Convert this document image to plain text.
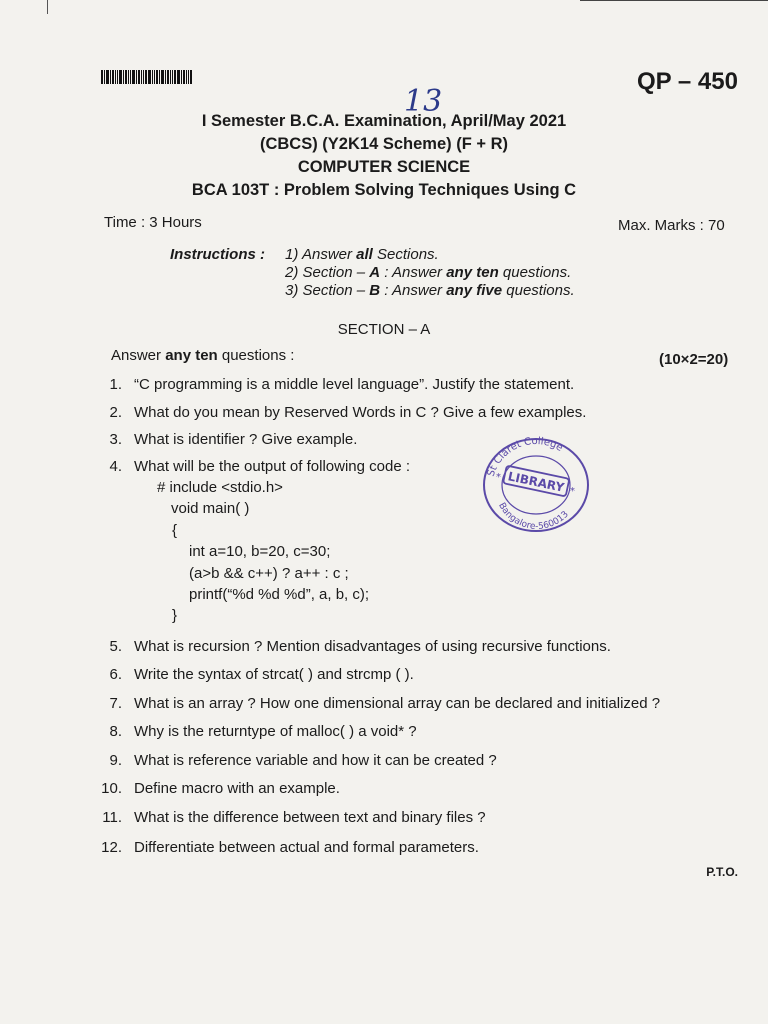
QP – 450
13
I Semester B.C.A. Examination, April/May 2021
(CBCS) (Y2K14 Scheme) (F + R)
COMPUTER SCIENCE
BCA 103T : Problem Solving Techniques Using C
Time : 3 Hours	Max. Marks : 70
Instructions : 1) Answer all Sections.
2) Section – A : Answer any ten questions.
3) Section – B : Answer any five questions.
SECTION – A
Answer any ten questions :	(10×2=20)
1. “C programming is a middle level language”. Justify the statement.
2. What do you mean by Reserved Words in C ? Give a few examples.
3. What is identifier ? Give example.
4. What will be the output of following code :
# include <stdio.h>
void main( )
{
int a=10, b=20, c=30;
(a>b && c++) ? a++ : c ;
printf(“%d %d %d”, a, b, c);
}
5. What is recursion ? Mention disadvantages of using recursive functions.
6. Write the syntax of strcat( ) and strcmp ( ).
7. What is an array ? How one dimensional array can be declared and initialized ?
8. Why is the returntype of malloc( ) a void* ?
9. What is reference variable and how it can be created ?
10. Define macro with an example.
11. What is the difference between text and binary files ?
12. Differentiate between actual and formal parameters.
St Claret College
LIBRARY
Bangalore-560013
*
*
P.T.O.
